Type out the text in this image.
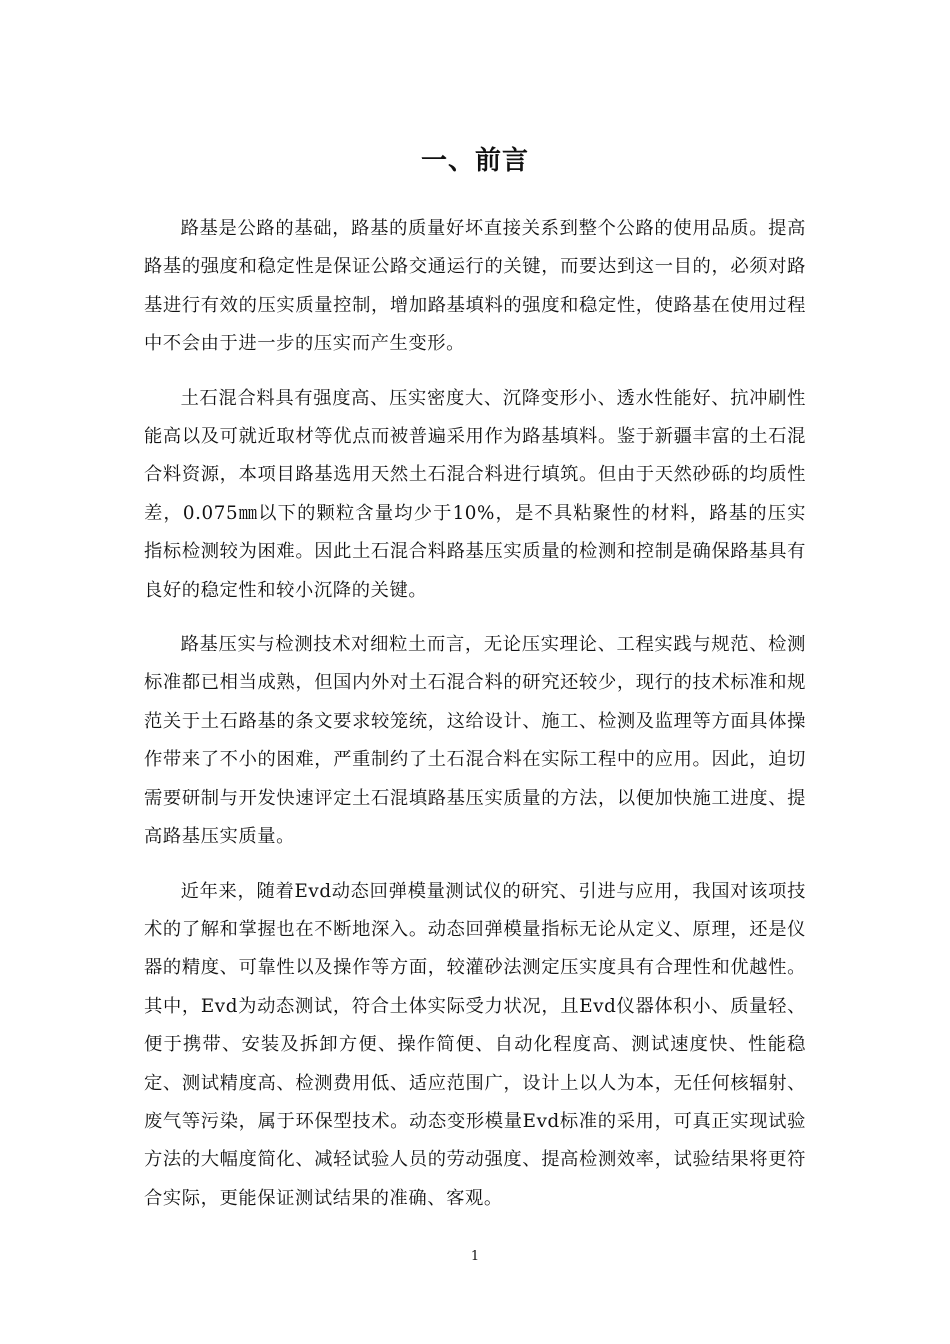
一、前言

路基是公路的基础，路基的质量好坏直接关系到整个公路的使用品质。提高路基的强度和稳定性是保证公路交通运行的关键，而要达到这一目的，必须对路基进行有效的压实质量控制，增加路基填料的强度和稳定性，使路基在使用过程中不会由于进一步的压实而产生变形。

土石混合料具有强度高、压实密度大、沉降变形小、透水性能好、抗冲刷性能高以及可就近取材等优点而被普遍采用作为路基填料。鉴于新疆丰富的土石混合料资源，本项目路基选用天然土石混合料进行填筑。但由于天然砂砾的均质性差，0.075㎜以下的颗粒含量均少于10%，是不具粘聚性的材料，路基的压实指标检测较为困难。因此土石混合料路基压实质量的检测和控制是确保路基具有良好的稳定性和较小沉降的关键。

路基压实与检测技术对细粒土而言，无论压实理论、工程实践与规范、检测标准都已相当成熟，但国内外对土石混合料的研究还较少，现行的技术标准和规范关于土石路基的条文要求较笼统，这给设计、施工、检测及监理等方面具体操作带来了不小的困难，严重制约了土石混合料在实际工程中的应用。因此，迫切需要研制与开发快速评定土石混填路基压实质量的方法，以便加快施工进度、提高路基压实质量。

近年来，随着Evd动态回弹模量测试仪的研究、引进与应用，我国对该项技术的了解和掌握也在不断地深入。动态回弹模量指标无论从定义、原理，还是仪器的精度、可靠性以及操作等方面，较灌砂法测定压实度具有合理性和优越性。其中，Evd为动态测试，符合土体实际受力状况，且Evd仪器体积小、质量轻、便于携带、安装及拆卸方便、操作简便、自动化程度高、测试速度快、性能稳定、测试精度高、检测费用低、适应范围广，设计上以人为本，无任何核辐射、废气等污染，属于环保型技术。动态变形模量Evd标准的采用，可真正实现试验方法的大幅度简化、减轻试验人员的劳动强度、提高检测效率，试验结果将更符合实际，更能保证测试结果的准确、客观。

1
